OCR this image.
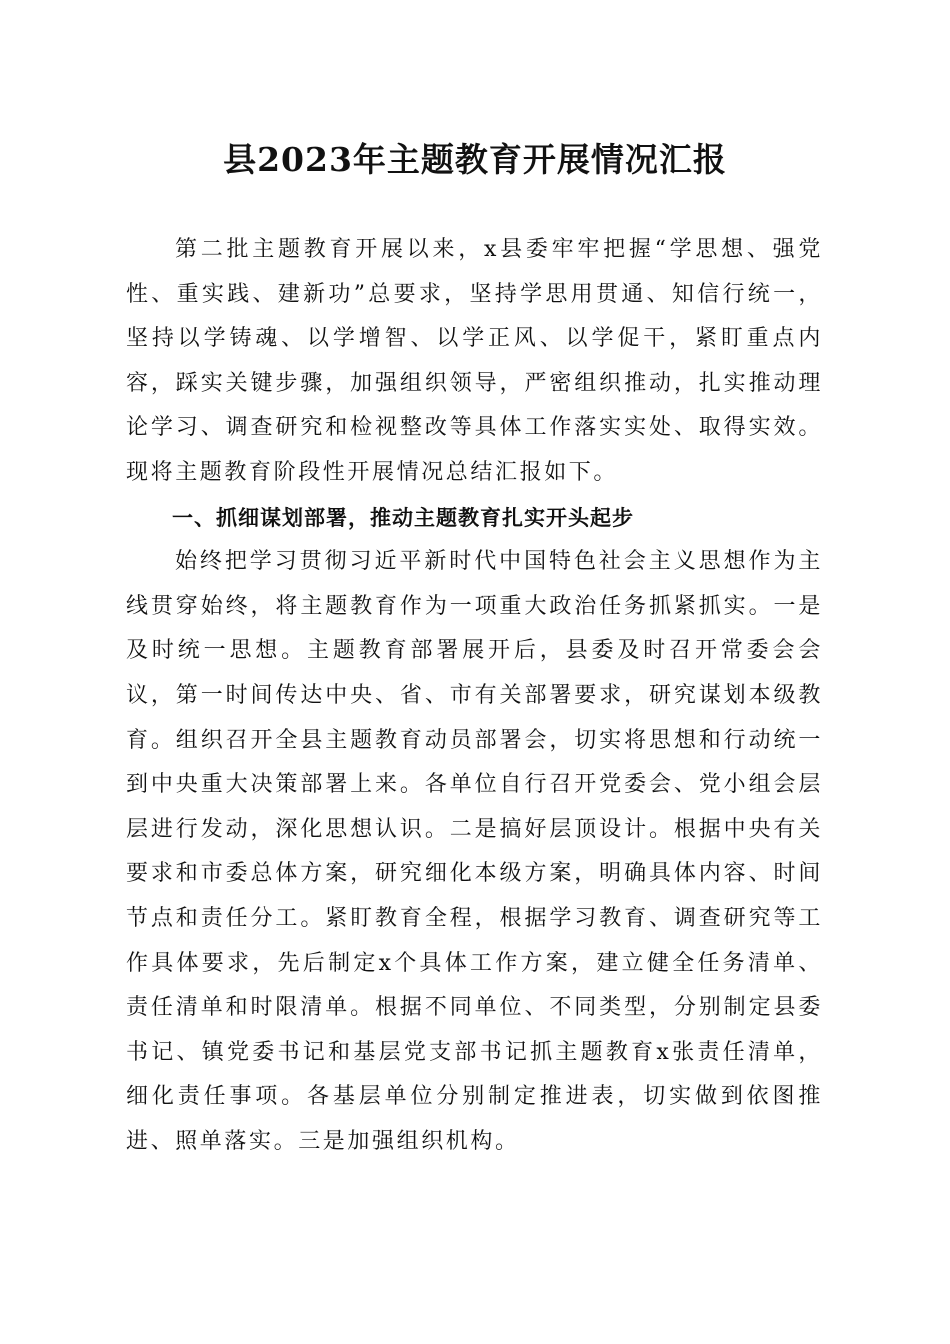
县2023年主题教育开展情况汇报

第二批主题教育开展以来，x县委牢牢把握“学思想、强党性、重实践、建新功”总要求，坚持学思用贯通、知信行统一，坚持以学铸魂、以学增智、以学正风、以学促干，紧盯重点内容，踩实关键步骤，加强组织领导，严密组织推动，扎实推动理论学习、调查研究和检视整改等具体工作落实实处、取得实效。现将主题教育阶段性开展情况总结汇报如下。

一、抓细谋划部署，推动主题教育扎实开头起步

始终把学习贯彻习近平新时代中国特色社会主义思想作为主线贯穿始终，将主题教育作为一项重大政治任务抓紧抓实。一是及时统一思想。主题教育部署展开后，县委及时召开常委会会议，第一时间传达中央、省、市有关部署要求，研究谋划本级教育。组织召开全县主题教育动员部署会，切实将思想和行动统一到中央重大决策部署上来。各单位自行召开党委会、党小组会层层进行发动，深化思想认识。二是搞好层顶设计。根据中央有关要求和市委总体方案，研究细化本级方案，明确具体内容、时间节点和责任分工。紧盯教育全程，根据学习教育、调查研究等工作具体要求，先后制定x个具体工作方案，建立健全任务清单、责任清单和时限清单。根据不同单位、不同类型，分别制定县委书记、镇党委书记和基层党支部书记抓主题教育x张责任清单，细化责任事项。各基层单位分别制定推进表，切实做到依图推进、照单落实。三是加强组织机构。
